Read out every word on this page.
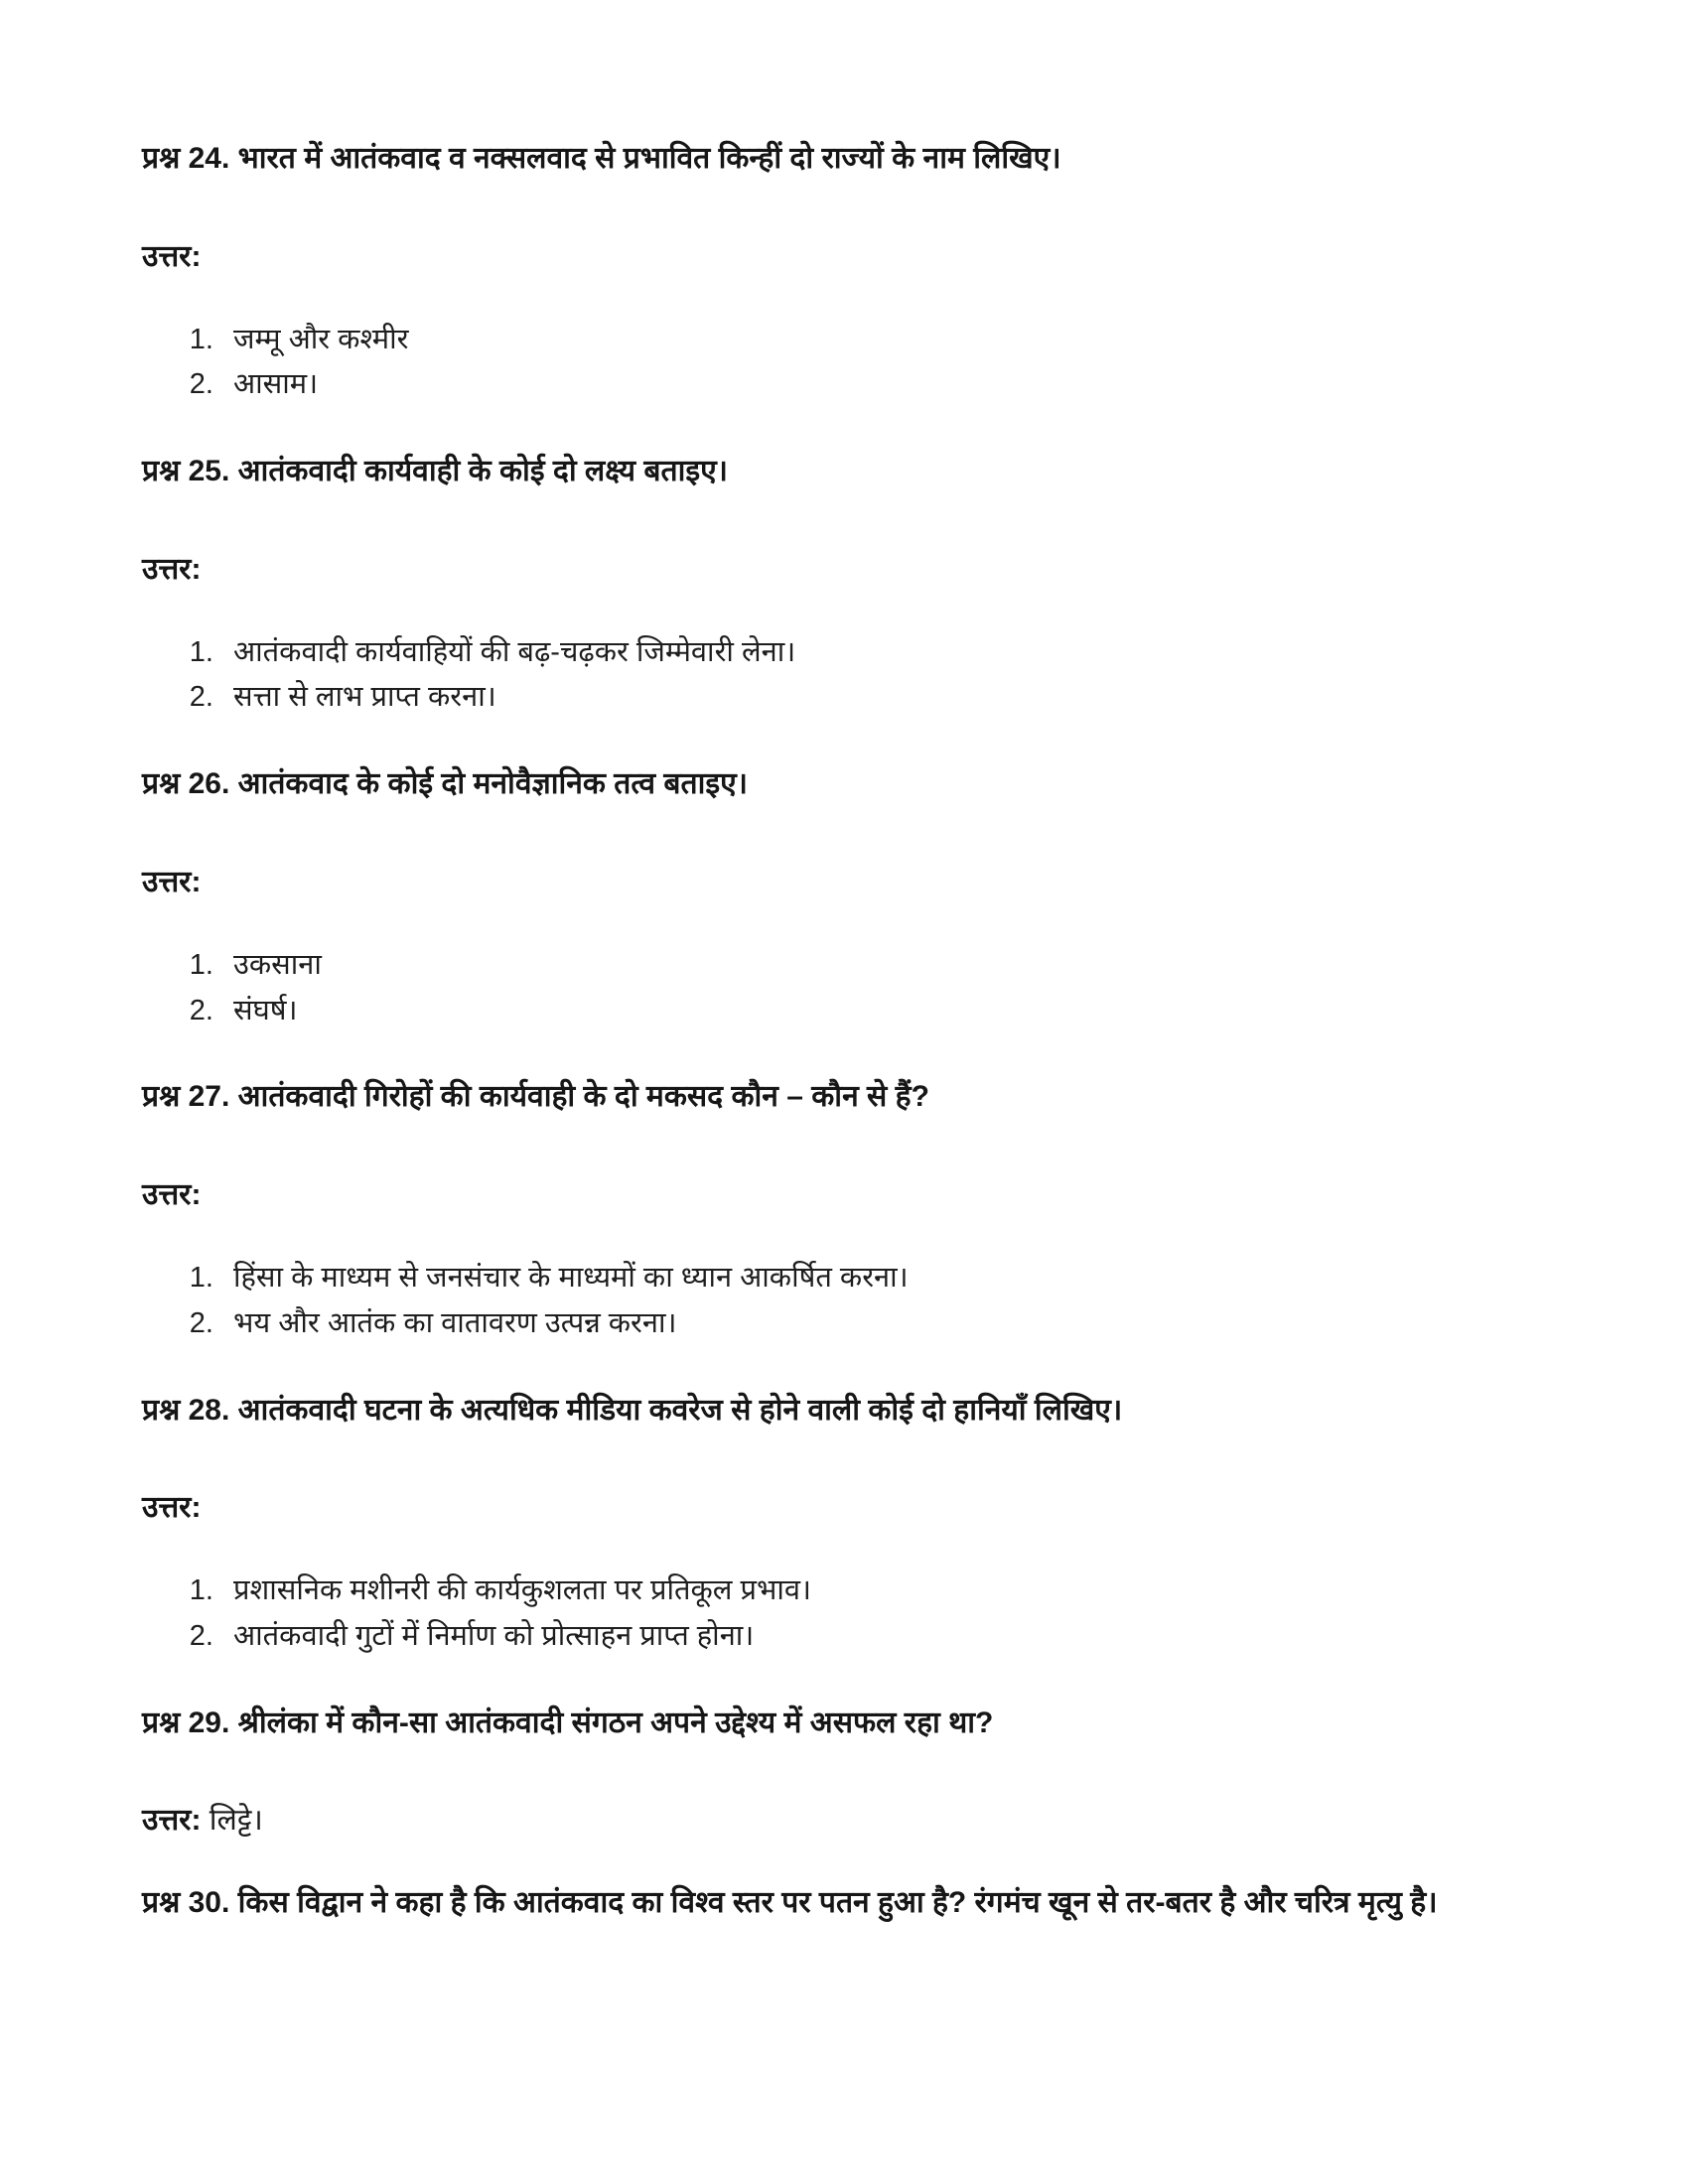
प्रश्न 24. भारत में आतंकवाद व नक्सलवाद से प्रभावित किन्हीं दो राज्यों के नाम लिखिए।

उत्तर:

1. जम्मू और कश्मीर
2. आसाम।

प्रश्न 25. आतंकवादी कार्यवाही के कोई दो लक्ष्य बताइए।

उत्तर:

1. आतंकवादी कार्यवाहियों की बढ़-चढ़कर जिम्मेवारी लेना।
2. सत्ता से लाभ प्राप्त करना।

प्रश्न 26. आतंकवाद के कोई दो मनोवैज्ञानिक तत्व बताइए।

उत्तर:

1. उकसाना
2. संघर्ष।

प्रश्न 27. आतंकवादी गिरोहों की कार्यवाही के दो मकसद कौन – कौन से हैं?

उत्तर:

1. हिंसा के माध्यम से जनसंचार के माध्यमों का ध्यान आकर्षित करना।
2. भय और आतंक का वातावरण उत्पन्न करना।

प्रश्न 28. आतंकवादी घटना के अत्यधिक मीडिया कवरेज से होने वाली कोई दो हानियाँ लिखिए।

उत्तर:

1. प्रशासनिक मशीनरी की कार्यकुशलता पर प्रतिकूल प्रभाव।
2. आतंकवादी गुटों में निर्माण को प्रोत्साहन प्राप्त होना।

प्रश्न 29. श्रीलंका में कौन-सा आतंकवादी संगठन अपने उद्देश्य में असफल रहा था?

उत्तर: लिट्टे।

प्रश्न 30. किस विद्वान ने कहा है कि आतंकवाद का विश्व स्तर पर पतन हुआ है? रंगमंच खून से तर-बतर है और चरित्र मृत्यु है।
